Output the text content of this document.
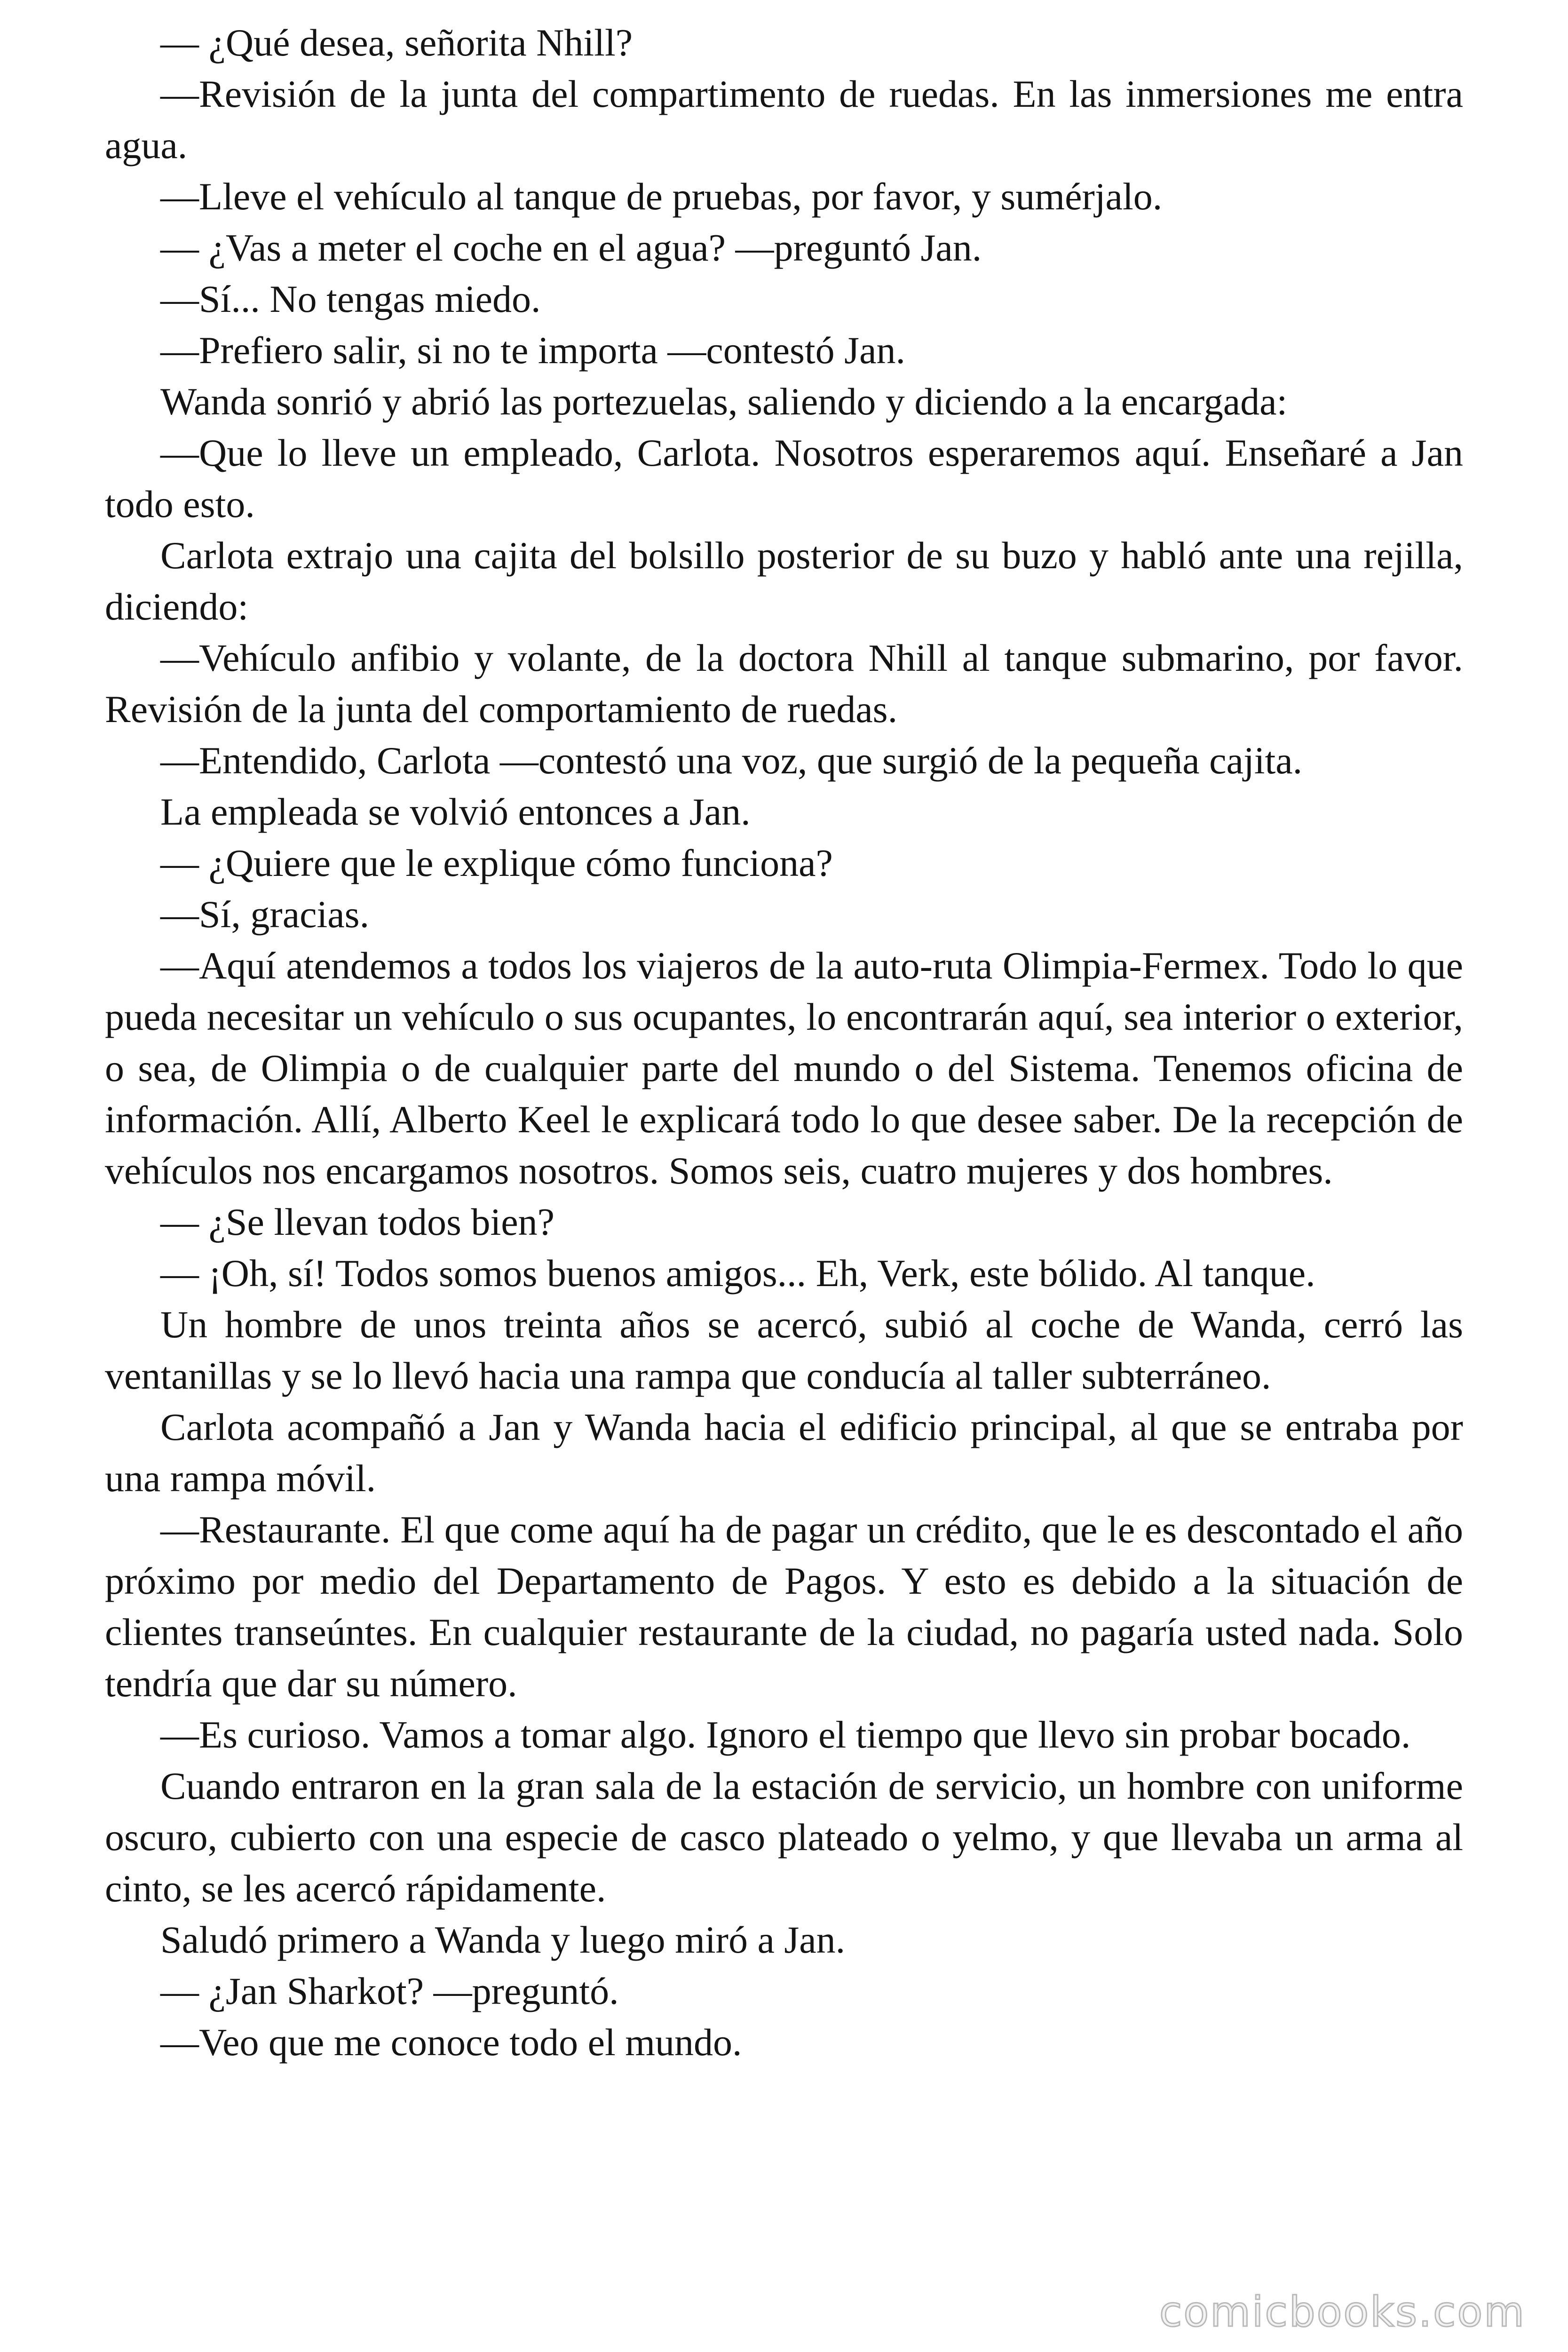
— ¿Qué desea, señorita Nhill?

—Revisión de la junta del compartimento de ruedas. En las inmersiones me entra agua.

—Lleve el vehículo al tanque de pruebas, por favor, y sumérjalo.

— ¿Vas a meter el coche en el agua? —preguntó Jan.

—Sí... No tengas miedo.

—Prefiero salir, si no te importa —contestó Jan.

Wanda sonrió y abrió las portezuelas, saliendo y diciendo a la encargada:

—Que lo lleve un empleado, Carlota. Nosotros esperaremos aquí. Enseñaré a Jan todo esto.

Carlota extrajo una cajita del bolsillo posterior de su buzo y habló ante una rejilla, diciendo:

—Vehículo anfibio y volante, de la doctora Nhill al tanque submarino, por favor. Revisión de la junta del comportamiento de ruedas.

—Entendido, Carlota —contestó una voz, que surgió de la pequeña cajita.

La empleada se volvió entonces a Jan.

— ¿Quiere que le explique cómo funciona?

—Sí, gracias.

—Aquí atendemos a todos los viajeros de la auto-ruta Olimpia-Fermex. Todo lo que pueda necesitar un vehículo o sus ocupantes, lo encontrarán aquí, sea interior o exterior, o sea, de Olimpia o de cualquier parte del mundo o del Sistema. Tenemos oficina de información. Allí, Alberto Keel le explicará todo lo que desee saber. De la recepción de vehículos nos encargamos nosotros. Somos seis, cuatro mujeres y dos hombres.

— ¿Se llevan todos bien?

— ¡Oh, sí! Todos somos buenos amigos... Eh, Verk, este bólido. Al tanque.

Un hombre de unos treinta años se acercó, subió al coche de Wanda, cerró las ventanillas y se lo llevó hacia una rampa que conducía al taller subterráneo.

Carlota acompañó a Jan y Wanda hacia el edificio principal, al que se entraba por una rampa móvil.

—Restaurante. El que come aquí ha de pagar un crédito, que le es descontado el año próximo por medio del Departamento de Pagos. Y esto es debido a la situación de clientes transeúntes. En cualquier restaurante de la ciudad, no pagaría usted nada. Solo tendría que dar su número.

—Es curioso. Vamos a tomar algo. Ignoro el tiempo que llevo sin probar bocado.

Cuando entraron en la gran sala de la estación de servicio, un hombre con uniforme oscuro, cubierto con una especie de casco plateado o yelmo, y que llevaba un arma al cinto, se les acercó rápidamente.

Saludó primero a Wanda y luego miró a Jan.

— ¿Jan Sharkot? —preguntó.

—Veo que me conoce todo el mundo.

comicbooks.com
